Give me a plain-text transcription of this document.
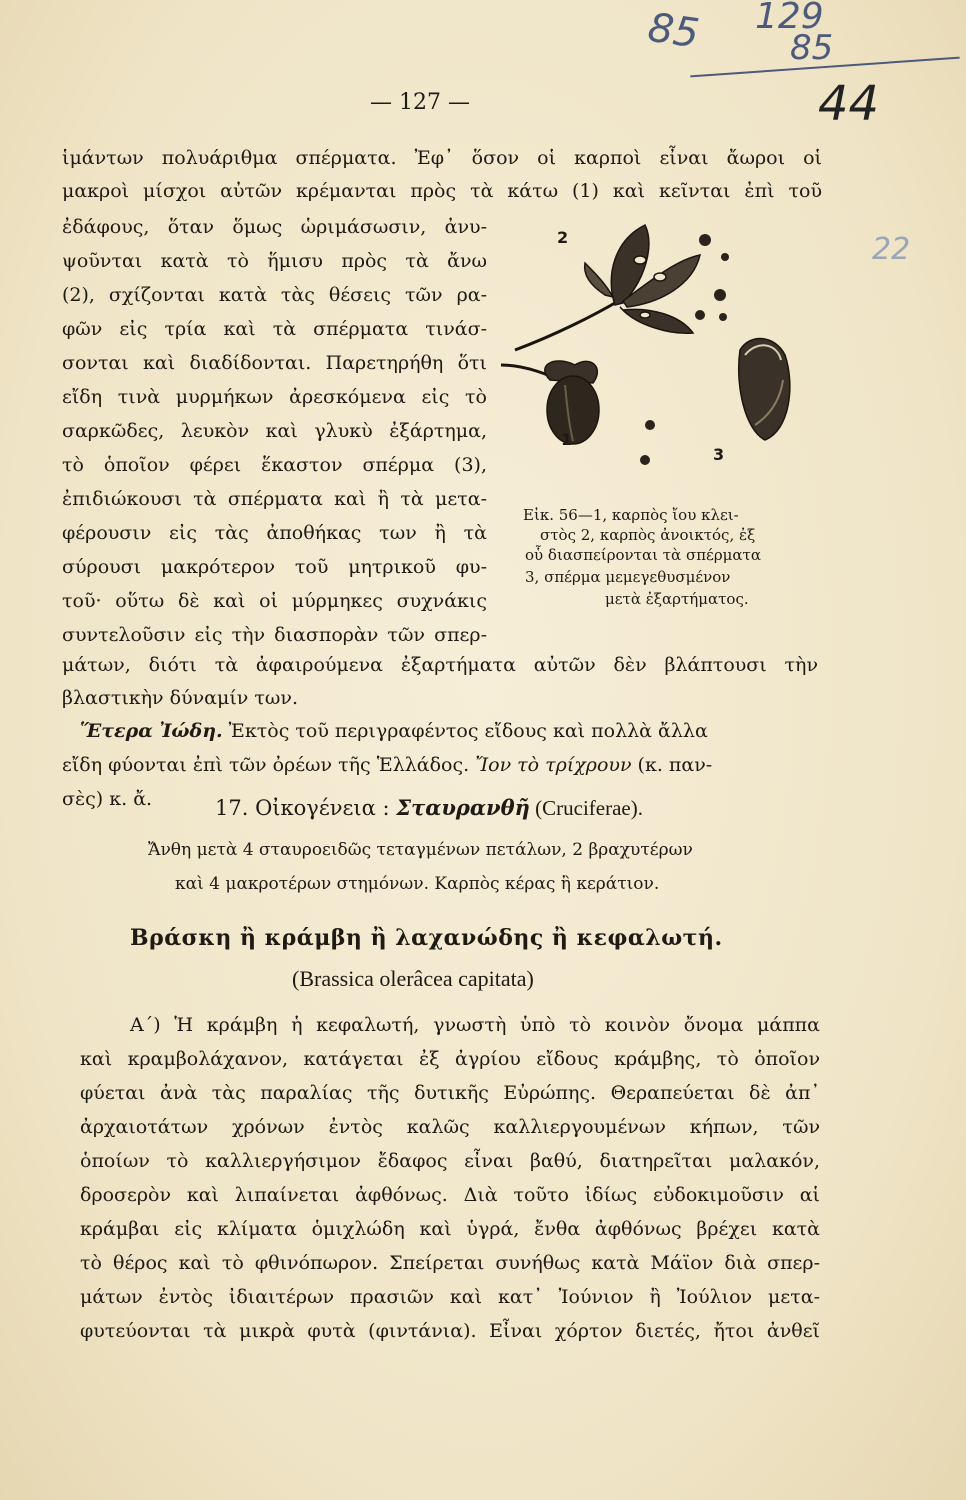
85 129
85
44
22
— 127 —
ἱμάντων πολυάριθμα σπέρματα. Ἐφ᾽ ὅσον οἱ καρποὶ εἶναι ἄωροι οἱ
μακροὶ μίσχοι αὐτῶν κρέμανται πρὸς τὰ κάτω (1) καὶ κεῖνται ἐπὶ τοῦ
ἐδάφους, ὅταν ὅμως ὡριμάσωσιν, ἀνυ-
ψοῦνται κατὰ τὸ ἥμισυ πρὸς τὰ ἄνω
(2), σχίζονται κατὰ τὰς θέσεις τῶν ρα-
φῶν εἰς τρία καὶ τὰ σπέρματα τινάσ-
σονται καὶ διαδίδονται. Παρετηρήθη ὅτι
εἴδη τινὰ μυρμήκων ἀρεσκόμενα εἰς τὸ
σαρκῶδες, λευκὸν καὶ γλυκὺ ἐξάρτημα,
τὸ ὁποῖον φέρει ἕκαστον σπέρμα (3),
ἐπιδιώκουσι τὰ σπέρματα καὶ ἢ τὰ μετα-
φέρουσιν εἰς τὰς ἀποθήκας των ἢ τὰ
σύρουσι μακρότερον τοῦ μητρικοῦ φυ-
τοῦ· οὕτω δὲ καὶ οἱ μύρμηκες συχνάκις
συντελοῦσιν εἰς τὴν διασπορὰν τῶν σπερ-
2
1
3
Εἰκ. 56—1, καρπὸς ἴου κλει-
στὸς 2, καρπὸς ἀνοικτός, ἐξ
οὗ διασπείρονται τὰ σπέρματα
3, σπέρμα μεμεγεθυσμένον
μετὰ ἐξαρτήματος.
μάτων, διότι τὰ ἀφαιρούμενα ἐξαρτήματα αὐτῶν δὲν βλάπτουσι τὴν
βλαστικὴν δύναμίν των.
Ἕτερα Ἰώδη. Ἐκτὸς τοῦ περιγραφέντος εἴδους καὶ πολλὰ ἄλλα
εἴδη φύονται ἐπὶ τῶν ὀρέων τῆς Ἑλλάδος. Ἴον τὸ τρίχρουν (κ. παν-
σὲς) κ. ἄ.	17. Οἰκογένεια : Σταυρανθῆ (Cruciferae).
Ἄνθη μετὰ 4 σταυροειδῶς τεταγμένων πετάλων, 2 βραχυτέρων
καὶ 4 μακροτέρων στημόνων. Καρπὸς κέρας ἢ κεράτιον.
Βράσκη ἢ κράμβη ἢ λαχανώδης ἢ κεφαλωτή.
(Brassica olerâcea capitata)
Α΄) Ἡ κράμβη ἡ κεφαλωτή, γνωστὴ ὑπὸ τὸ κοινὸν ὄνομα μάππα
καὶ κραμβολάχανον, κατάγεται ἐξ ἀγρίου εἴδους κράμβης, τὸ ὁποῖον
φύεται ἀνὰ τὰς παραλίας τῆς δυτικῆς Εὐρώπης. Θεραπεύεται δὲ ἀπ᾽
ἀρχαιοτάτων χρόνων ἐντὸς καλῶς καλλιεργουμένων κήπων, τῶν
ὁποίων τὸ καλλιεργήσιμον ἔδαφος εἶναι βαθύ, διατηρεῖται μαλακόν,
δροσερὸν καὶ λιπαίνεται ἀφθόνως. Διὰ τοῦτο ἰδίως εὐδοκιμοῦσιν αἱ
κράμβαι εἰς κλίματα ὁμιχλώδη καὶ ὑγρά, ἔνθα ἀφθόνως βρέχει κατὰ
τὸ θέρος καὶ τὸ φθινόπωρον. Σπείρεται συνήθως κατὰ Μάϊον διὰ σπερ-
μάτων ἐντὸς ἰδιαιτέρων πρασιῶν καὶ κατ᾽ Ἰούνιον ἢ Ἰούλιον μετα-
φυτεύονται τὰ μικρὰ φυτὰ (φιντάνια). Εἶναι χόρτον διετές, ἤτοι ἀνθεῖ
